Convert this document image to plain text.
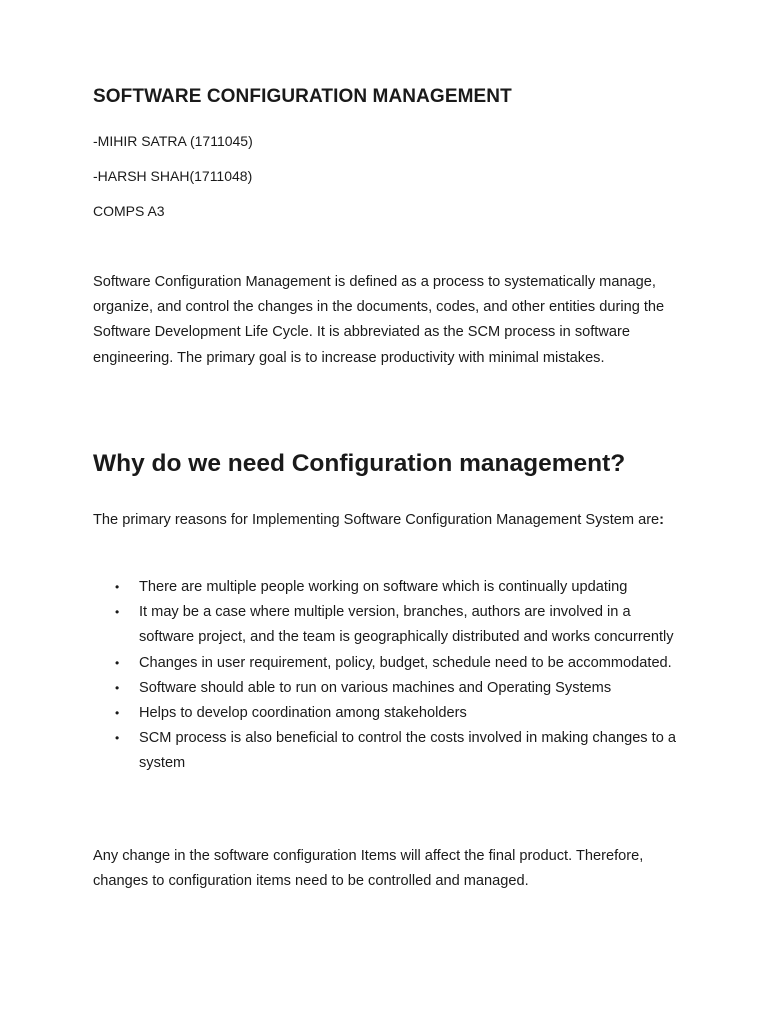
SOFTWARE CONFIGURATION MANAGEMENT

-MIHIR SATRA (1711045)

-HARSH SHAH(1711048)

COMPS A3

Software Configuration Management is defined as a process to systematically manage, organize, and control the changes in the documents, codes, and other entities during the Software Development Life Cycle. It is abbreviated as the SCM process in software engineering. The primary goal is to increase productivity with minimal mistakes.

Why do we need Configuration management?

The primary reasons for Implementing Software Configuration Management System are:

• There are multiple people working on software which is continually updating
• It may be a case where multiple version, branches, authors are involved in a software project, and the team is geographically distributed and works concurrently
• Changes in user requirement, policy, budget, schedule need to be accommodated.
• Software should able to run on various machines and Operating Systems
• Helps to develop coordination among stakeholders
• SCM process is also beneficial to control the costs involved in making changes to a system

Any change in the software configuration Items will affect the final product. Therefore, changes to configuration items need to be controlled and managed.
